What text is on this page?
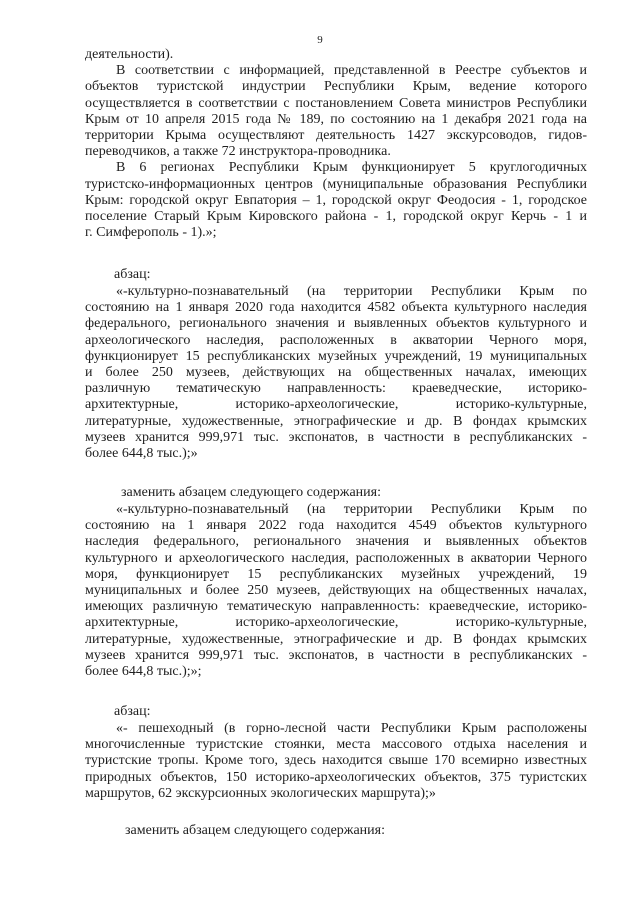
9
деятельности).
В соответствии с информацией, представленной в Реестре субъектов и
объектов туристской индустрии Республики Крым, ведение которого
осуществляется в соответствии с постановлением Совета министров Республики
Крым от 10 апреля 2015 года № 189, по состоянию на 1 декабря 2021 года на
территории Крыма осуществляют деятельность 1427 экскурсоводов, гидов-
переводчиков, а также 72 инструктора-проводника.
В 6 регионах Республики Крым функционирует 5 круглогодичных
туристско-информационных центров (муниципальные образования Республики
Крым: городской округ Евпатория – 1, городской округ Феодосия - 1, городское
поселение Старый Крым Кировского района - 1, городской округ Керчь - 1 и
г. Симферополь - 1).»;
абзац:
«-культурно-познавательный (на территории Республики Крым по
состоянию на 1 января 2020 года находится 4582 объекта культурного наследия
федерального, регионального значения и выявленных объектов культурного и
археологического наследия, расположенных в акватории Черного моря,
функционирует 15 республиканских музейных учреждений, 19 муниципальных
и более 250 музеев, действующих на общественных началах, имеющих
различную тематическую направленность: краеведческие, историко-
архитектурные, историко-археологические, историко-культурные,
литературные, художественные, этнографические и др. В фондах крымских
музеев хранится 999,971 тыс. экспонатов, в частности в республиканских -
более 644,8 тыс.);»
заменить абзацем следующего содержания:
«-культурно-познавательный (на территории Республики Крым по
состоянию на 1 января 2022 года находится 4549 объектов культурного
наследия федерального, регионального значения и выявленных объектов
культурного и археологического наследия, расположенных в акватории Черного
моря, функционирует 15 республиканских музейных учреждений, 19
муниципальных и более 250 музеев, действующих на общественных началах,
имеющих различную тематическую направленность: краеведческие, историко-
архитектурные, историко-археологические, историко-культурные,
литературные, художественные, этнографические и др. В фондах крымских
музеев хранится 999,971 тыс. экспонатов, в частности в республиканских -
более 644,8 тыс.);»;
абзац:
«- пешеходный (в горно-лесной части Республики Крым расположены
многочисленные туристские стоянки, места массового отдыха населения и
туристские тропы. Кроме того, здесь находится свыше 170 всемирно известных
природных объектов, 150 историко-археологических объектов, 375 туристских
маршрутов, 62 экскурсионных экологических маршрута);»
заменить абзацем следующего содержания:
